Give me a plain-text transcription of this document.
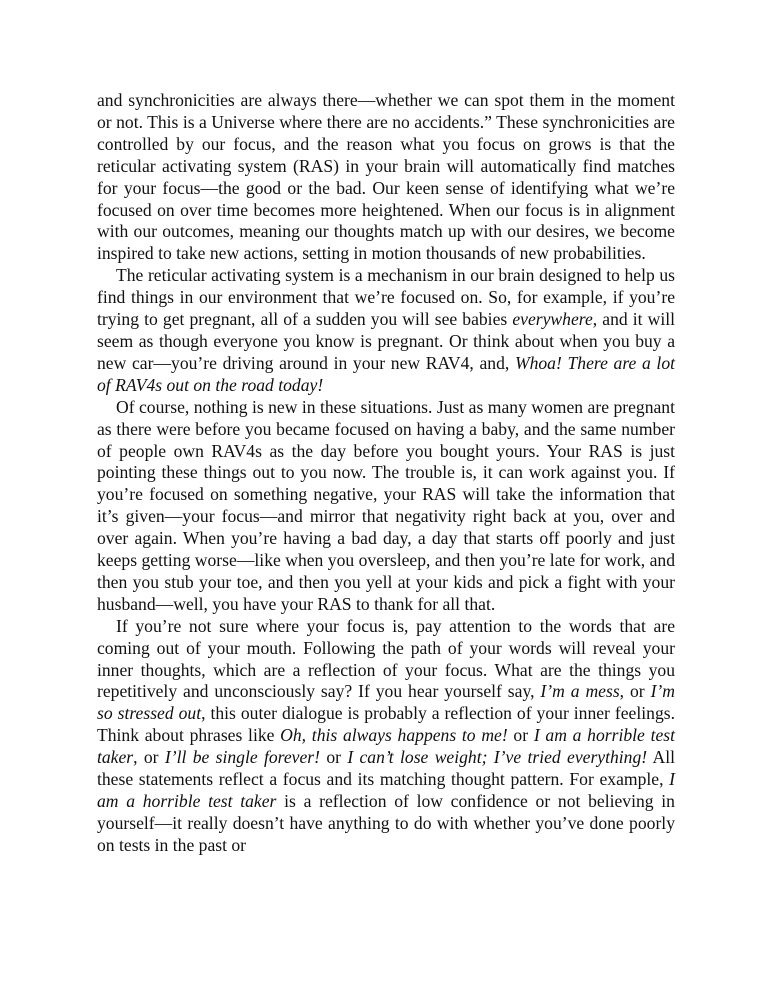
and synchronicities are always there—whether we can spot them in the moment or not. This is a Universe where there are no accidents.” These synchronicities are controlled by our focus, and the reason what you focus on grows is that the reticular activating system (RAS) in your brain will automatically find matches for your focus—the good or the bad. Our keen sense of identifying what we’re focused on over time becomes more heightened. When our focus is in alignment with our outcomes, meaning our thoughts match up with our desires, we become inspired to take new actions, setting in motion thousands of new probabilities.

The reticular activating system is a mechanism in our brain designed to help us find things in our environment that we’re focused on. So, for example, if you’re trying to get pregnant, all of a sudden you will see babies everywhere, and it will seem as though everyone you know is pregnant. Or think about when you buy a new car—you’re driving around in your new RAV4, and, Whoa! There are a lot of RAV4s out on the road today!

Of course, nothing is new in these situations. Just as many women are pregnant as there were before you became focused on having a baby, and the same number of people own RAV4s as the day before you bought yours. Your RAS is just pointing these things out to you now. The trouble is, it can work against you. If you’re focused on something negative, your RAS will take the information that it’s given—your focus—and mirror that negativity right back at you, over and over again. When you’re having a bad day, a day that starts off poorly and just keeps getting worse—like when you oversleep, and then you’re late for work, and then you stub your toe, and then you yell at your kids and pick a fight with your husband—well, you have your RAS to thank for all that.

If you’re not sure where your focus is, pay attention to the words that are coming out of your mouth. Following the path of your words will reveal your inner thoughts, which are a reflection of your focus. What are the things you repetitively and unconsciously say? If you hear yourself say, I’m a mess, or I’m so stressed out, this outer dialogue is probably a reflection of your inner feelings. Think about phrases like Oh, this always happens to me! or I am a horrible test taker, or I’ll be single forever! or I can’t lose weight; I’ve tried everything! All these statements reflect a focus and its matching thought pattern. For example, I am a horrible test taker is a reflection of low confidence or not believing in yourself—it really doesn’t have anything to do with whether you’ve done poorly on tests in the past or
